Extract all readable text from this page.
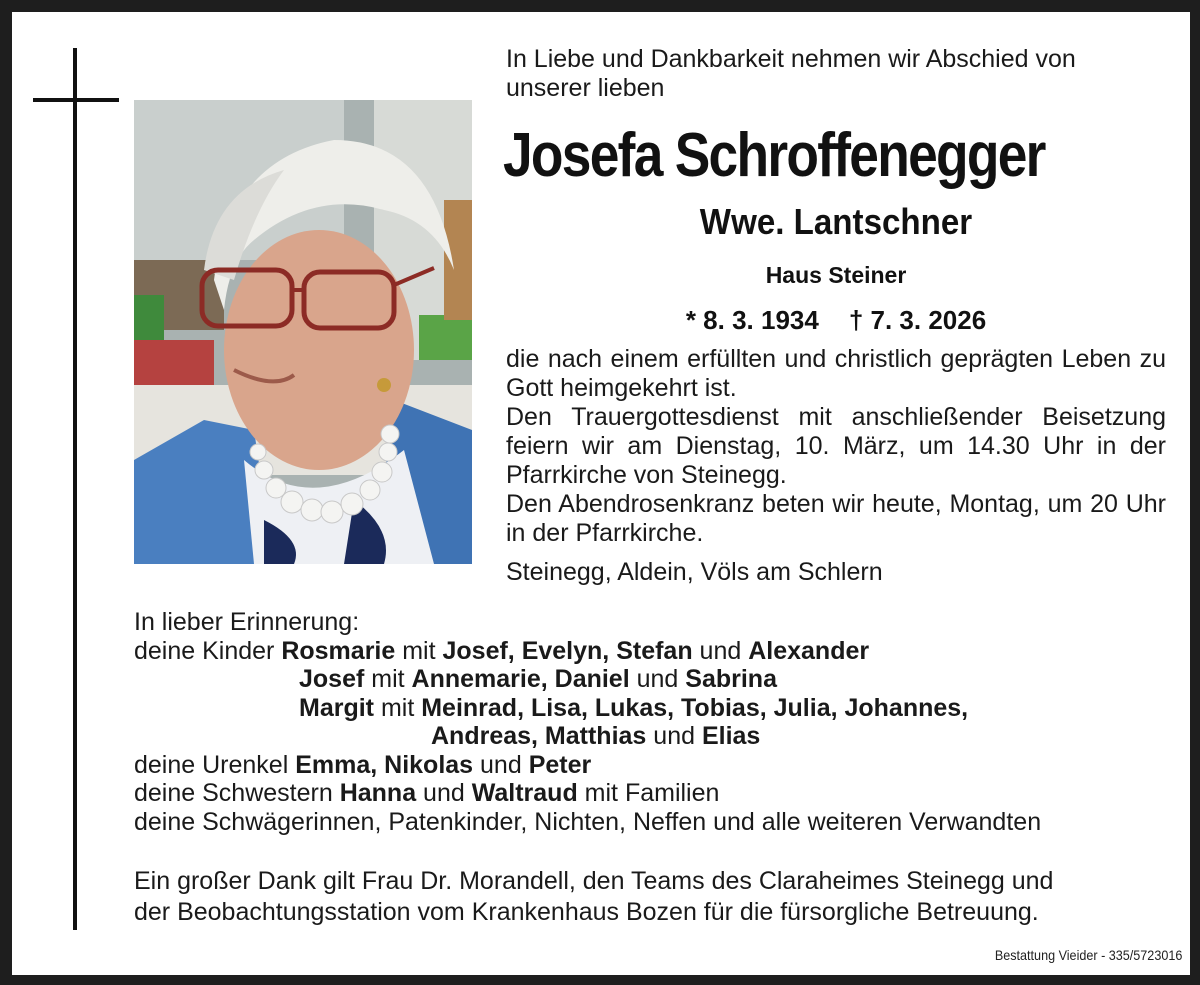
In Liebe und Dankbarkeit nehmen wir Abschied von unserer lieben
Josefa Schroffenegger
Wwe. Lantschner
Haus Steiner
* 8. 3. 1934 † 7. 3. 2026

die nach einem erfüllten und christlich geprägten Leben zu Gott heimgekehrt ist.

Den Trauergottesdienst mit anschließender Beisetzung feiern wir am Dienstag, 10. März, um 14.30 Uhr in der Pfarrkirche von Steinegg.

Den Abendrosenkranz beten wir heute, Montag, um 20 Uhr in der Pfarrkirche.

Steinegg, Aldein, Völs am Schlern
In lieber Erinnerung:
deine Kinder Rosmarie mit Josef, Evelyn, Stefan und Alexander
Josef mit Annemarie, Daniel und Sabrina
Margit mit Meinrad, Lisa, Lukas, Tobias, Julia, Johannes,
Andreas, Matthias und Elias
deine Urenkel Emma, Nikolas und Peter
deine Schwestern Hanna und Waltraud mit Familien
deine Schwägerinnen, Patenkinder, Nichten, Neffen und alle weiteren Verwandten

Ein großer Dank gilt Frau Dr. Morandell, den Teams des Claraheimes Steinegg und

der Beobachtungsstation vom Krankenhaus Bozen für die fürsorgliche Betreuung.

Bestattung Vieider - 335/5723016
